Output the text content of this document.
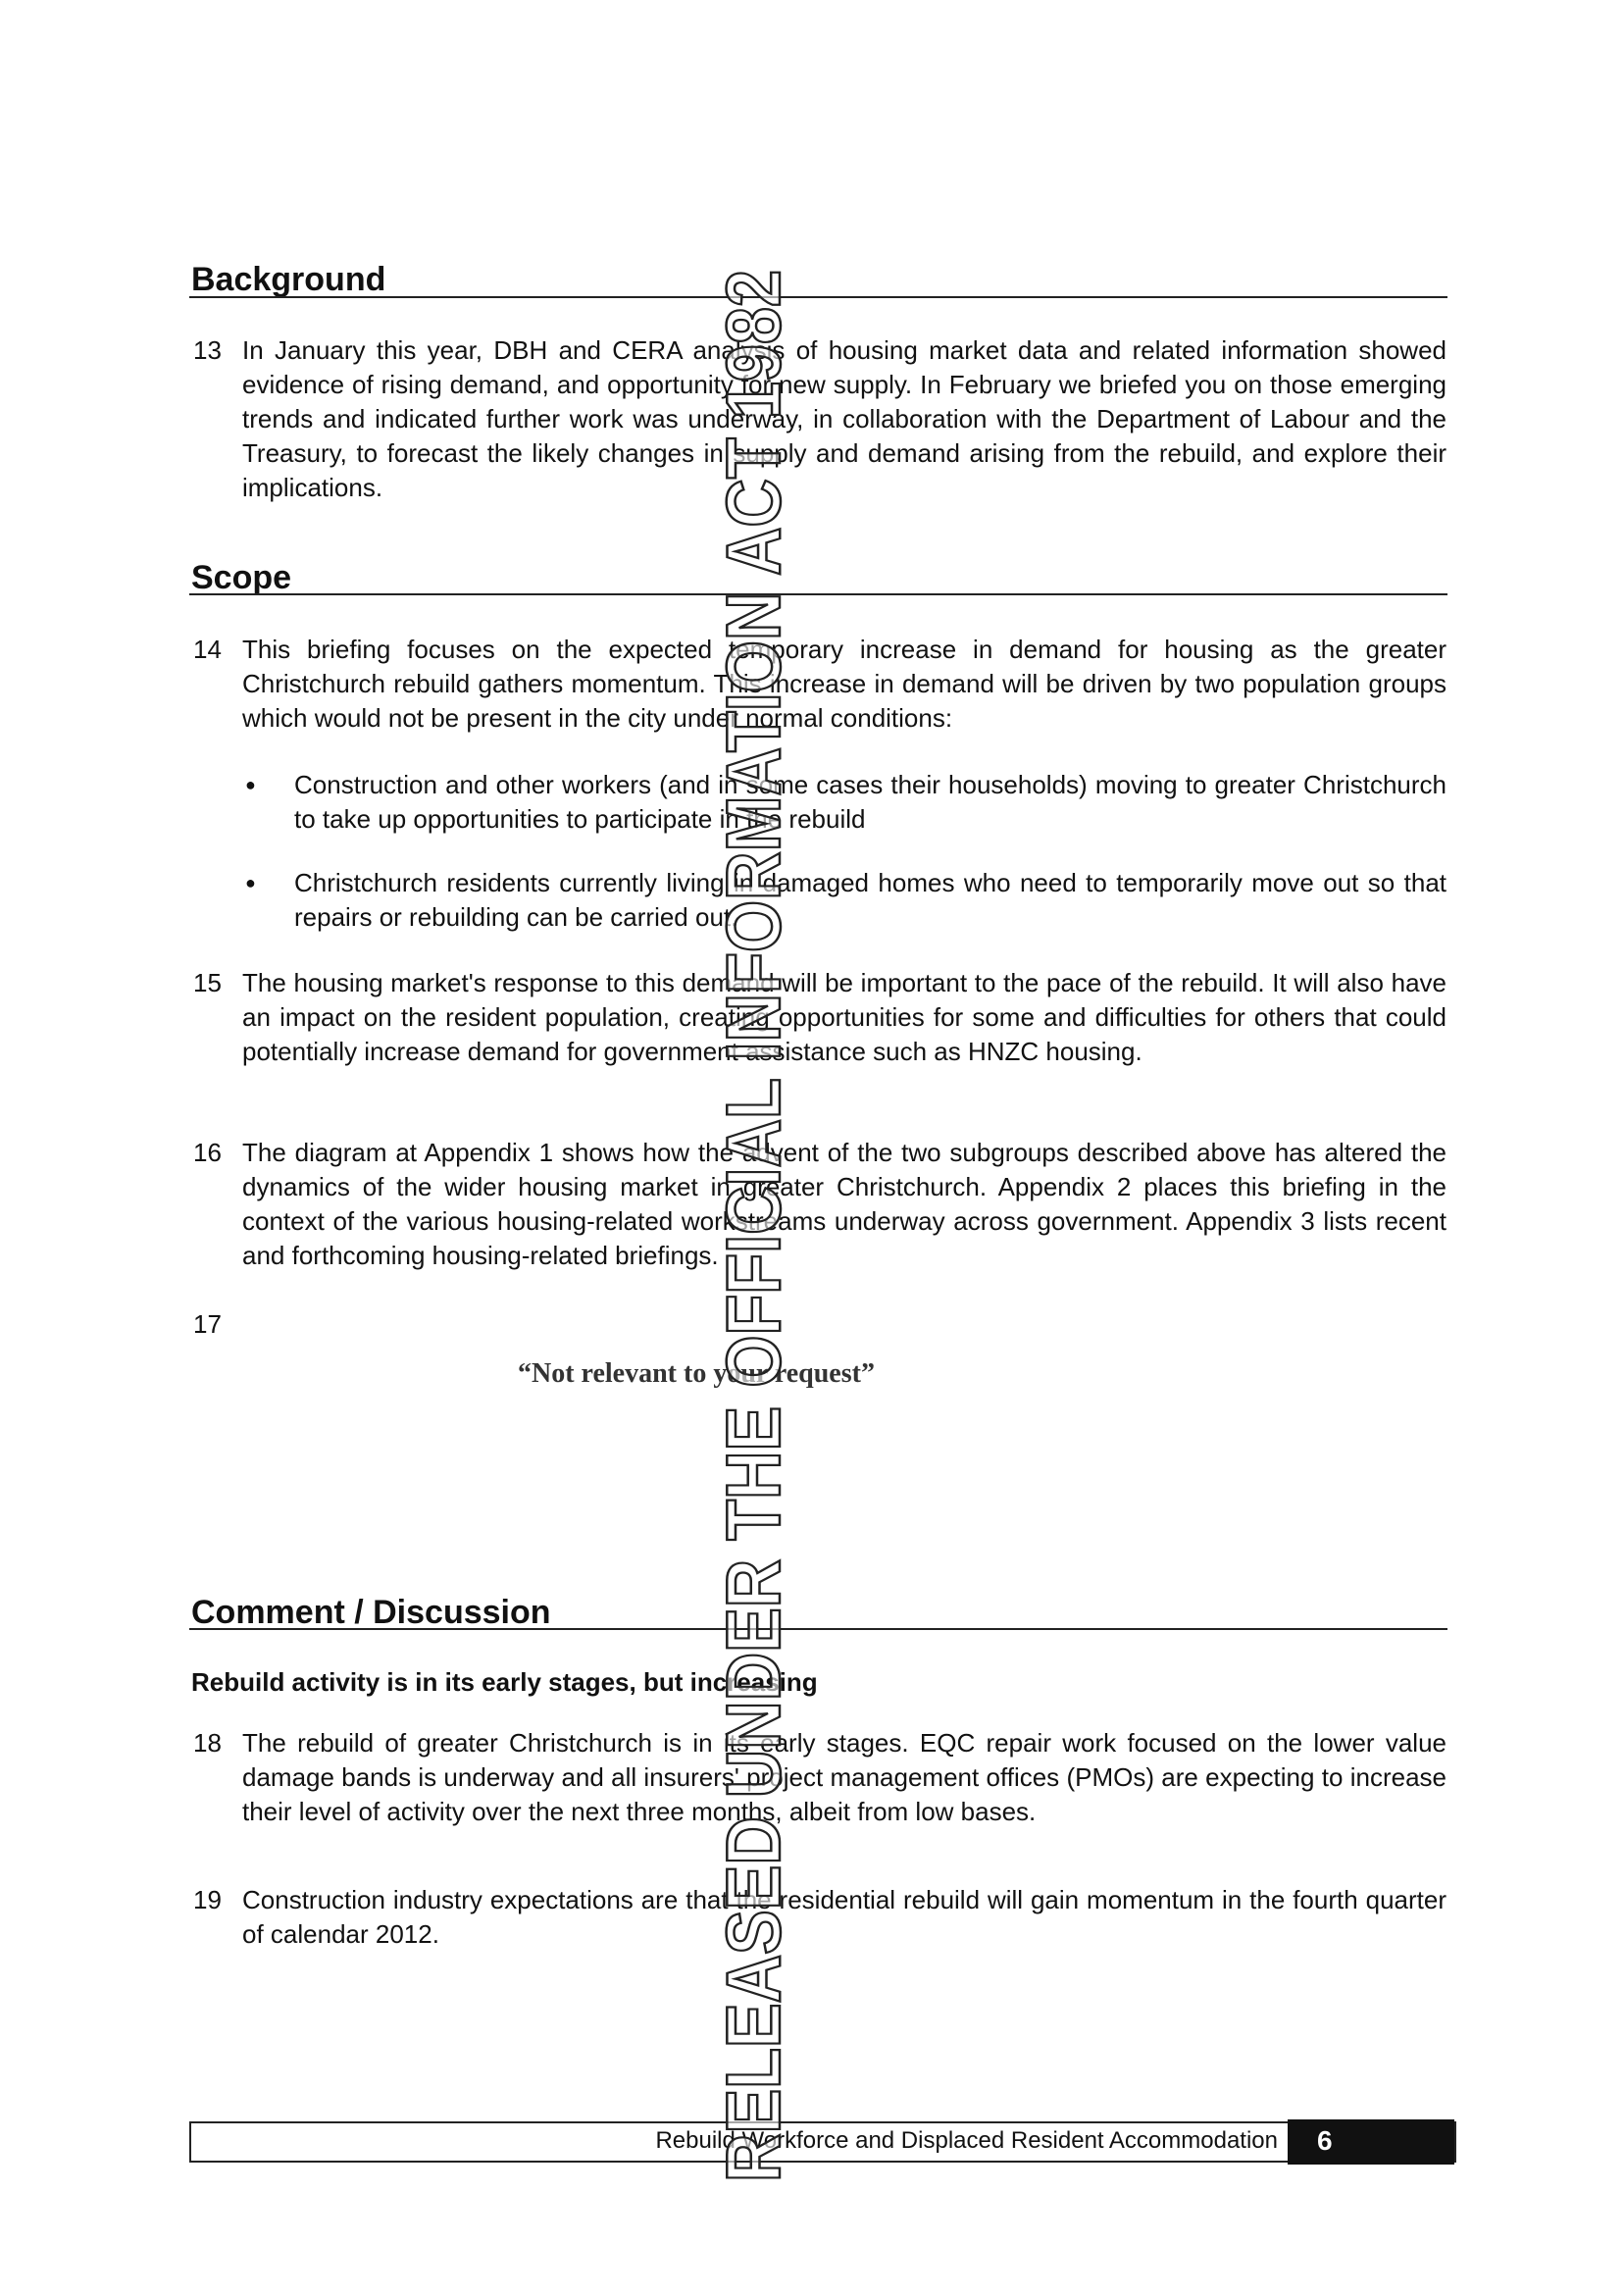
Background
13 In January this year, DBH and CERA analysis of housing market data and related information showed evidence of rising demand, and opportunity for new supply. In February we briefed you on those emerging trends and indicated further work was underway, in collaboration with the Department of Labour and the Treasury, to forecast the likely changes in supply and demand arising from the rebuild, and explore their implications.
Scope
14 This briefing focuses on the expected temporary increase in demand for housing as the greater Christchurch rebuild gathers momentum. This increase in demand will be driven by two population groups which would not be present in the city under normal conditions:
● Construction and other workers (and in some cases their households) moving to greater Christchurch to take up opportunities to participate in the rebuild
● Christchurch residents currently living in damaged homes who need to temporarily move out so that repairs or rebuilding can be carried out.
15 The housing market's response to this demand will be important to the pace of the rebuild. It will also have an impact on the resident population, creating opportunities for some and difficulties for others that could potentially increase demand for government assistance such as HNZC housing.
16 The diagram at Appendix 1 shows how the advent of the two subgroups described above has altered the dynamics of the wider housing market in greater Christchurch. Appendix 2 places this briefing in the context of the various housing-related workstreams underway across government. Appendix 3 lists recent and forthcoming housing-related briefings.
17
“Not relevant to your request”
Comment / Discussion
Rebuild activity is in its early stages, but increasing
18 The rebuild of greater Christchurch is in its early stages. EQC repair work focused on the lower value damage bands is underway and all insurers' project management offices (PMOs) are expecting to increase their level of activity over the next three months, albeit from low bases.
19 Construction industry expectations are that the residential rebuild will gain momentum in the fourth quarter of calendar 2012.
Rebuild Workforce and Displaced Resident Accommodation 6
RELEASED UNDER THE OFFICIAL INFORMATION ACT 1982
